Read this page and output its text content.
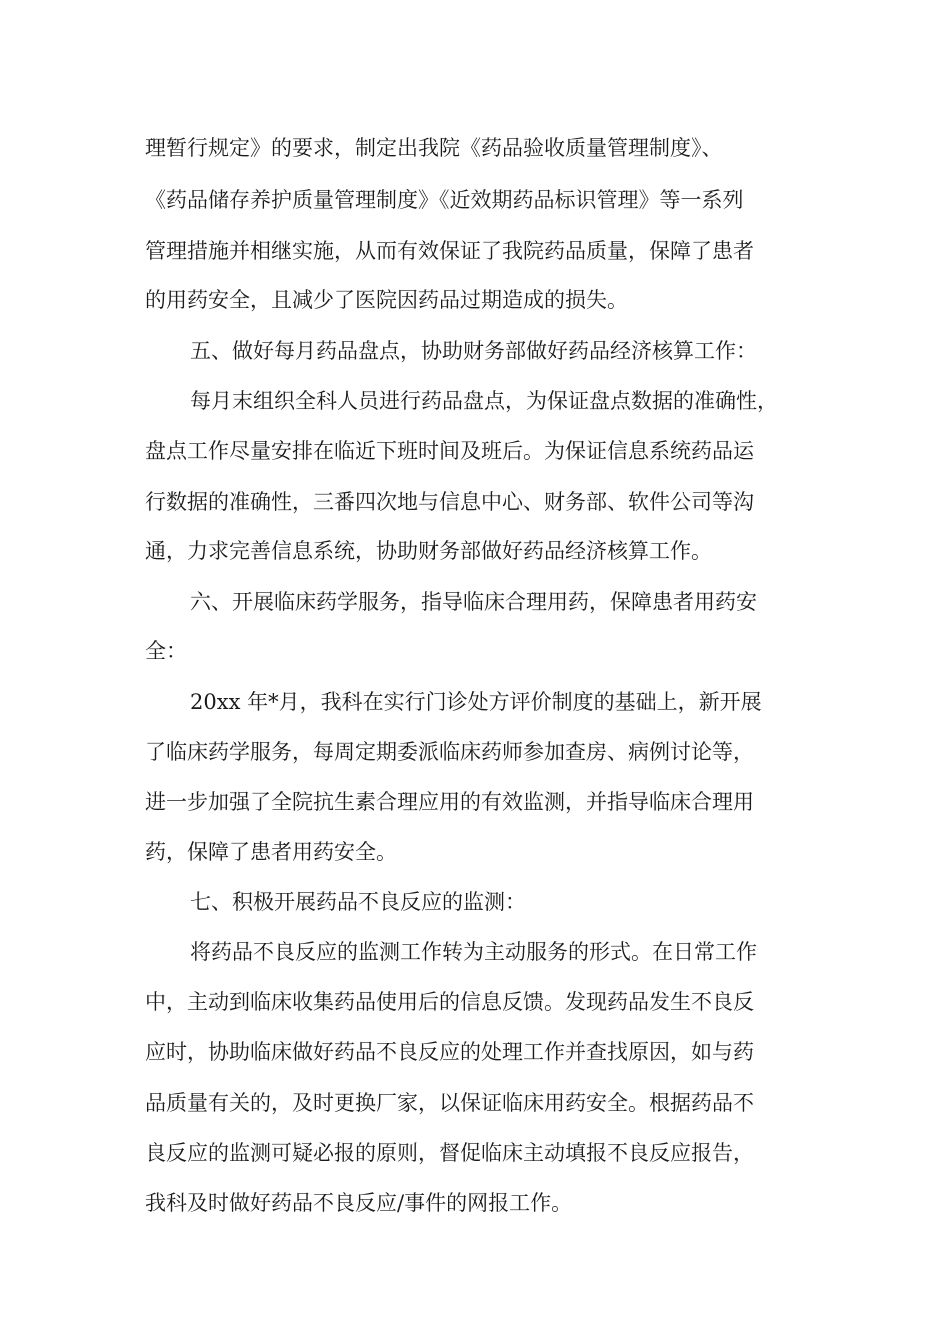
理暂行规定》的要求，制定出我院《药品验收质量管理制度》、
《药品储存养护质量管理制度》《近效期药品标识管理》等一系列
管理措施并相继实施，从而有效保证了我院药品质量，保障了患者
的用药安全，且减少了医院因药品过期造成的损失。
五、做好每月药品盘点，协助财务部做好药品经济核算工作：
每月末组织全科人员进行药品盘点，为保证盘点数据的准确性，
盘点工作尽量安排在临近下班时间及班后。为保证信息系统药品运
行数据的准确性，三番四次地与信息中心、财务部、软件公司等沟
通，力求完善信息系统，协助财务部做好药品经济核算工作。
六、开展临床药学服务，指导临床合理用药，保障患者用药安
全：
20xx 年*月，我科在实行门诊处方评价制度的基础上，新开展
了临床药学服务，每周定期委派临床药师参加查房、病例讨论等，
进一步加强了全院抗生素合理应用的有效监测，并指导临床合理用
药，保障了患者用药安全。
七、积极开展药品不良反应的监测：
将药品不良反应的监测工作转为主动服务的形式。在日常工作
中，主动到临床收集药品使用后的信息反馈。发现药品发生不良反
应时，协助临床做好药品不良反应的处理工作并查找原因，如与药
品质量有关的，及时更换厂家，以保证临床用药安全。根据药品不
良反应的监测可疑必报的原则，督促临床主动填报不良反应报告，
我科及时做好药品不良反应/事件的网报工作。
